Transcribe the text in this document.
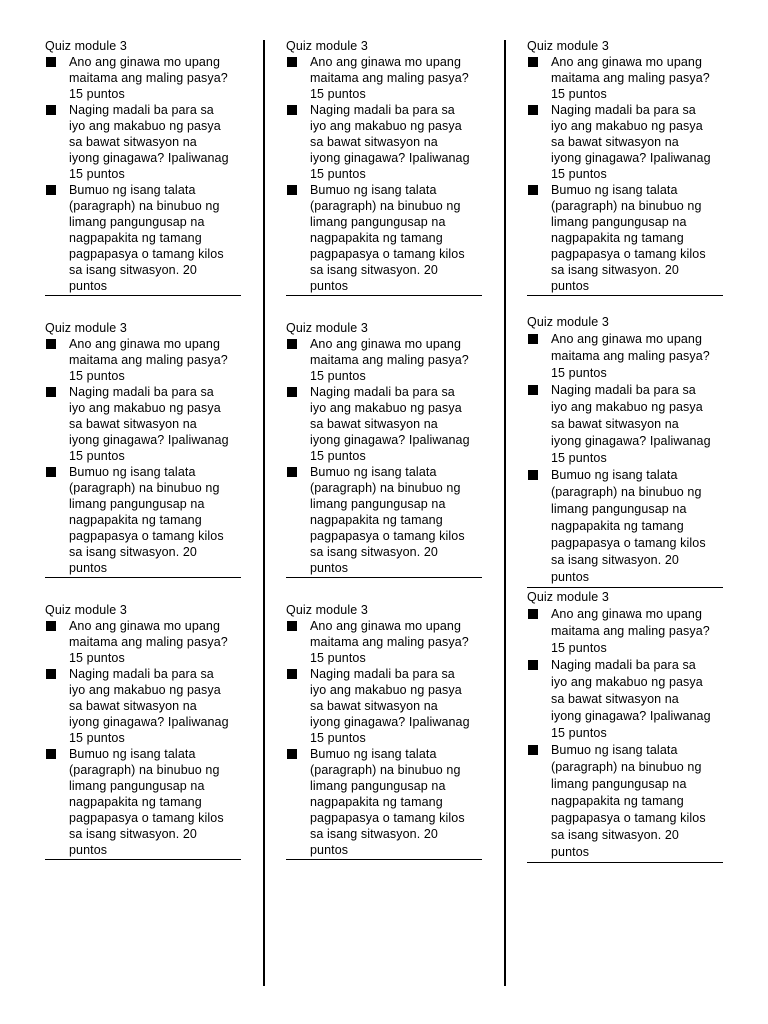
Quiz module 3
Ano ang ginawa mo upang
maitama ang maling pasya?
15 puntos
Naging madali ba para sa
iyo ang makabuo ng pasya
sa bawat sitwasyon na
iyong ginagawa? Ipaliwanag
15 puntos
Bumuo ng isang talata
(paragraph) na binubuo ng
limang pangungusap na
nagpapakita ng tamang
pagpapasya o tamang kilos
sa isang sitwasyon. 20
puntos
Quiz module 3
Ano ang ginawa mo upang
maitama ang maling pasya?
15 puntos
Naging madali ba para sa
iyo ang makabuo ng pasya
sa bawat sitwasyon na
iyong ginagawa? Ipaliwanag
15 puntos
Bumuo ng isang talata
(paragraph) na binubuo ng
limang pangungusap na
nagpapakita ng tamang
pagpapasya o tamang kilos
sa isang sitwasyon. 20
puntos
Quiz module 3
Ano ang ginawa mo upang
maitama ang maling pasya?
15 puntos
Naging madali ba para sa
iyo ang makabuo ng pasya
sa bawat sitwasyon na
iyong ginagawa? Ipaliwanag
15 puntos
Bumuo ng isang talata
(paragraph) na binubuo ng
limang pangungusap na
nagpapakita ng tamang
pagpapasya o tamang kilos
sa isang sitwasyon. 20
puntos
Quiz module 3
Ano ang ginawa mo upang
maitama ang maling pasya?
15 puntos
Naging madali ba para sa
iyo ang makabuo ng pasya
sa bawat sitwasyon na
iyong ginagawa? Ipaliwanag
15 puntos
Bumuo ng isang talata
(paragraph) na binubuo ng
limang pangungusap na
nagpapakita ng tamang
pagpapasya o tamang kilos
sa isang sitwasyon. 20
puntos
Quiz module 3
Ano ang ginawa mo upang
maitama ang maling pasya?
15 puntos
Naging madali ba para sa
iyo ang makabuo ng pasya
sa bawat sitwasyon na
iyong ginagawa? Ipaliwanag
15 puntos
Bumuo ng isang talata
(paragraph) na binubuo ng
limang pangungusap na
nagpapakita ng tamang
pagpapasya o tamang kilos
sa isang sitwasyon. 20
puntos
Quiz module 3
Ano ang ginawa mo upang
maitama ang maling pasya?
15 puntos
Naging madali ba para sa
iyo ang makabuo ng pasya
sa bawat sitwasyon na
iyong ginagawa? Ipaliwanag
15 puntos
Bumuo ng isang talata
(paragraph) na binubuo ng
limang pangungusap na
nagpapakita ng tamang
pagpapasya o tamang kilos
sa isang sitwasyon. 20
puntos
Quiz module 3
Ano ang ginawa mo upang
maitama ang maling pasya?
15 puntos
Naging madali ba para sa
iyo ang makabuo ng pasya
sa bawat sitwasyon na
iyong ginagawa? Ipaliwanag
15 puntos
Bumuo ng isang talata
(paragraph) na binubuo ng
limang pangungusap na
nagpapakita ng tamang
pagpapasya o tamang kilos
sa isang sitwasyon. 20
puntos
Quiz module 3
Ano ang ginawa mo upang
maitama ang maling pasya?
15 puntos
Naging madali ba para sa
iyo ang makabuo ng pasya
sa bawat sitwasyon na
iyong ginagawa? Ipaliwanag
15 puntos
Bumuo ng isang talata
(paragraph) na binubuo ng
limang pangungusap na
nagpapakita ng tamang
pagpapasya o tamang kilos
sa isang sitwasyon. 20
puntos
Quiz module 3
Ano ang ginawa mo upang
maitama ang maling pasya?
15 puntos
Naging madali ba para sa
iyo ang makabuo ng pasya
sa bawat sitwasyon na
iyong ginagawa? Ipaliwanag
15 puntos
Bumuo ng isang talata
(paragraph) na binubuo ng
limang pangungusap na
nagpapakita ng tamang
pagpapasya o tamang kilos
sa isang sitwasyon. 20
puntos
